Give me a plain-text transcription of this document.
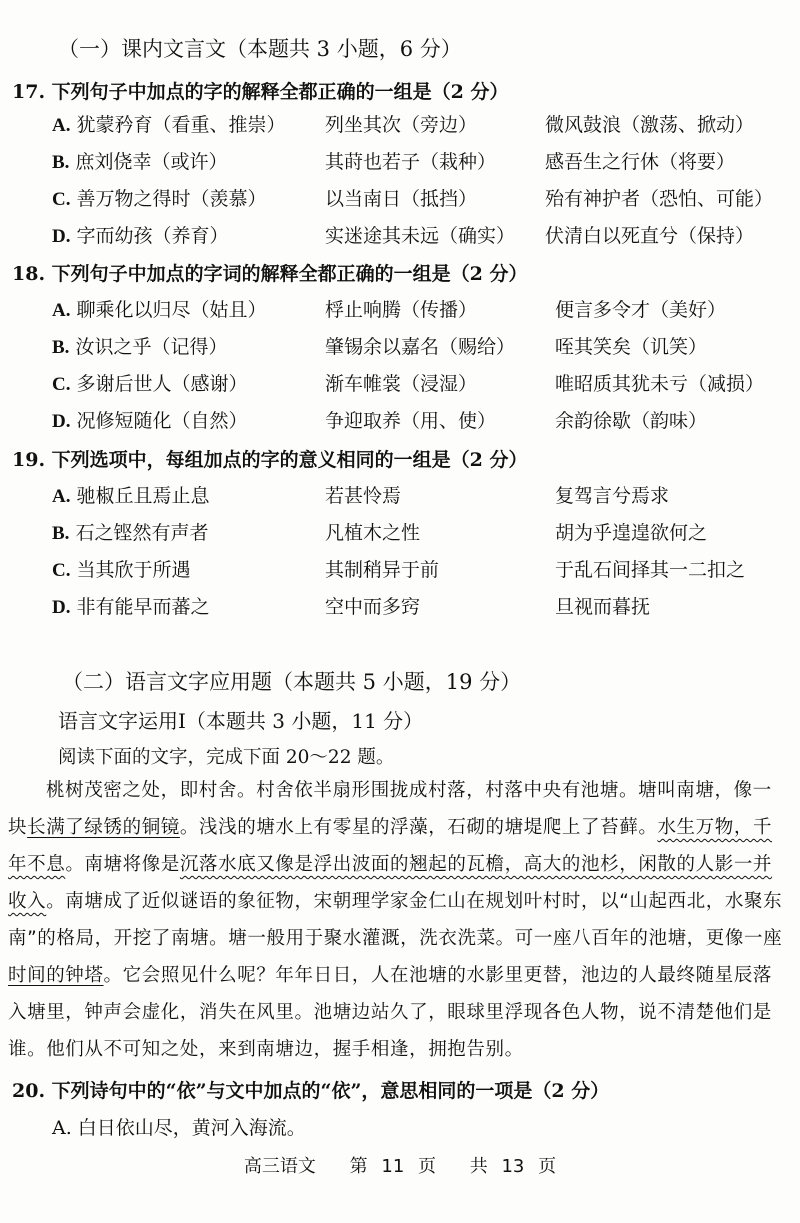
（一）课内文言文（本题共 3 小题，6 分）
17. 下列句子中加点的字的解释全都正确的一组是（2 分）
A. 犹蒙矜育（看重、推崇） 列坐其次（旁边）	微风鼓浪（激荡、掀动）
B. 庶刘侥幸（或许）	其莳也若子（栽种）	感吾生之行休（将要）
C. 善万物之得时（羡慕）	以当南日（抵挡）	殆有神护者（恐怕、可能）
D. 字而幼孩（养育）	实迷途其未远（确实） 伏清白以死直兮（保持）
18. 下列句子中加点的字词的解释全都正确的一组是（2 分）
A. 聊乘化以归尽（姑且）	桴止响腾（传播）	便言多令才（美好）
B. 汝识之乎（记得）	肇锡余以嘉名（赐给） 咥其笑矣（讥笑）
C. 多谢后世人（感谢）	渐车帷裳（浸湿）	唯昭质其犹未亏（减损）
D. 况修短随化（自然）	争迎取养（用、使）	余韵徐歇（韵味）
19. 下列选项中，每组加点的字的意义相同的一组是（2 分）
A. 驰椒丘且焉止息	若甚怜焉	复驾言兮焉求
B. 石之铿然有声者	凡植木之性	胡为乎遑遑欲何之
C. 当其欣于所遇	其制稍异于前	于乱石间择其一二扣之
D. 非有能早而蕃之	空中而多窍	旦视而暮抚
（二）语言文字应用题（本题共 5 小题，19 分）
语言文字运用Ⅰ（本题共 3 小题，11 分）
阅读下面的文字，完成下面 20～22 题。
桃树茂密之处，即村舍。村舍依半扇形围拢成村落，村落中央有池塘。塘叫南塘，像一块长满了绿锈的铜镜。浅浅的塘水上有零星的浮藻，石砌的塘堤爬上了苔藓。水生万物，千年不息。南塘将像是沉落水底又像是浮出波面的翘起的瓦檐，高大的池杉，闲散的人影一并收入。南塘成了近似谜语的象征物，宋朝理学家金仁山在规划叶村时，以“山起西北，水聚东南”的格局，开挖了南塘。塘一般用于聚水灌溉，洗衣洗菜。可一座八百年的池塘，更像一座时间的钟塔。它会照见什么呢？年年日日，人在池塘的水影里更替，池边的人最终随星辰落入塘里，钟声会虚化，消失在风里。池塘边站久了，眼球里浮现各色人物，说不清楚他们是谁。他们从不可知之处，来到南塘边，握手相逢，拥抱告别。
20. 下列诗句中的“依”与文中加点的“依”，意思相同的一项是（2 分）
A. 白日依山尽，黄河入海流。
高三语文 第 11 页 共 13 页
